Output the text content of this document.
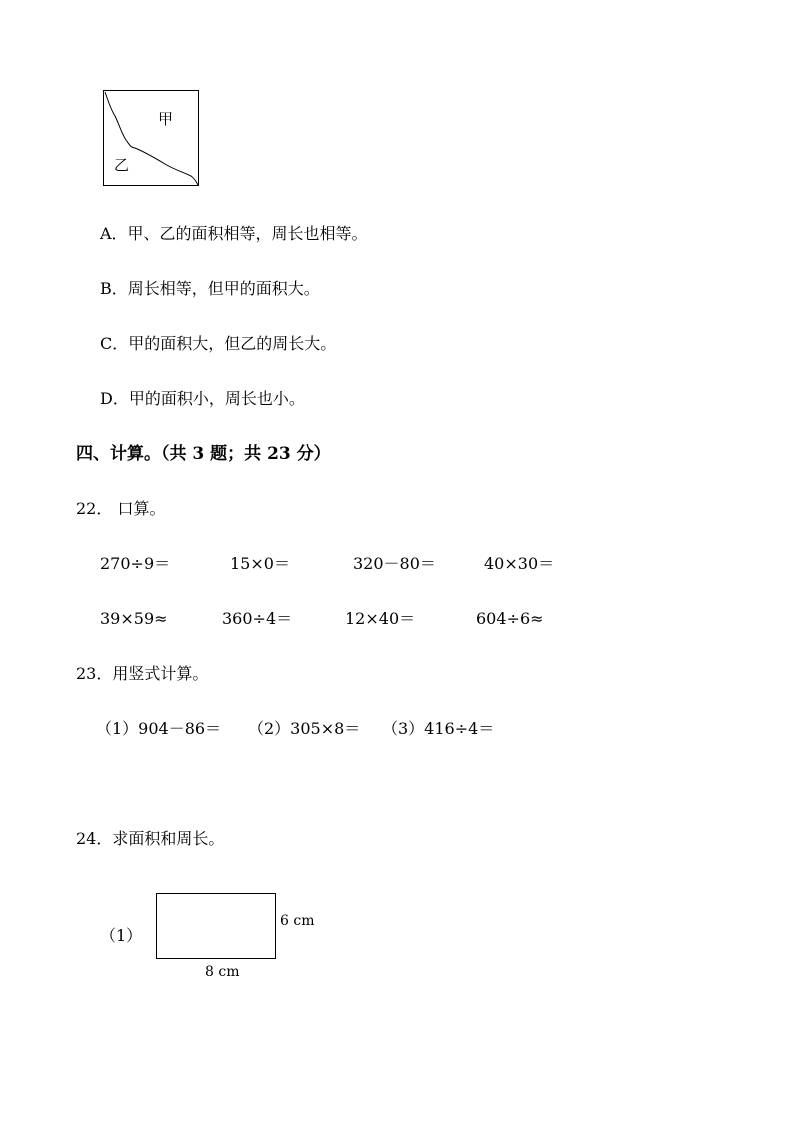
甲
乙
A．甲、乙的面积相等，周长也相等。
B．周长相等，但甲的面积大。
C．甲的面积大，但乙的周长大。
D．甲的面积小，周长也小。
四、计算。（共 3 题；共 23 分）
22． 口算。
270÷9＝	15×0＝	320－80＝	40×30＝
39×59≈	360÷4＝	12×40＝	604÷6≈
23．用竖式计算。
（1）904－86＝ （2）305×8＝ （3）416÷4＝
24．求面积和周长。
（1）
6 cm
8 cm
